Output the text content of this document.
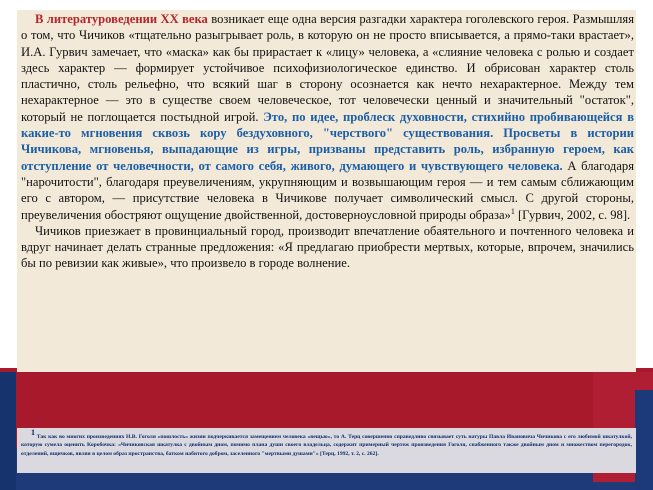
В литературоведении XX века возникает еще одна версия разгадки характера гоголевского героя. Размышляя о том, что Чичиков «тщательно разыгрывает роль, в которую он не просто вписывается, а прямо-таки врастает», И.А. Гурвич замечает, что «маска» как бы прирастает к «лицу» человека, а «слияние человека с ролью и создает здесь характер — формирует устойчивое психофизиологическое единство. И обрисован характер столь пластично, столь рельефно, что всякий шаг в сторону осознается как нечто нехарактерное. Между тем нехарактерное — это в существе своем человеческое, тот человечески ценный и значительный "остаток", который не поглощается постыдной игрой. Это, по идее, проблеск духовности, стихийно пробивающейся в какие-то мгновения сквозь кору бездуховного, "черствого" существования. Просветы в истории Чичикова, мгновенья, выпадающие из игры, призваны представить роль, избранную героем, как отступление от человечности, от самого себя, живого, думающего и чувствующего человека. А благодаря "нарочитости", благодаря преувеличениям, укрупняющим и возвышающим героя — и тем самым сближающим его с автором, — присутствие человека в Чичикове получает символический смысл. С другой стороны, преувеличения обостряют ощущение двойственной, достоверноусловной природы образа»$^1$ [Гурвич, 2002, с. 98].

Чичиков приезжает в провинциальный город, производит впечатление обаятельного и почтенного человека и вдруг начинает делать странные предложения: «Я предлагаю приобрести мертвых, которые, впрочем, значились бы по ревизии как живые», что произвело в городе волнение.

$^1$ Так как во многих произведениях Н.В. Гоголя «пошлость» жизни подчеркивается замещением человека «вещью», то А. Терц совершенно справедливо связывает суть натуры Павла Ивановича Чичикова с его любимой шкатулкой, которую сумела оценить Коробочка: «Чичиковская шкатулка с двойным дном, помимо плана души своего владельца, содержит примерный чертеж произведения Гоголя, снабженного также двойным дном и множеством перегородок, отделений, ящичков, являя в целом образ пространства, батком набитого добром, заселенного "мертвыми душами"» [Терц, 1992, т. 2, с. 262].
